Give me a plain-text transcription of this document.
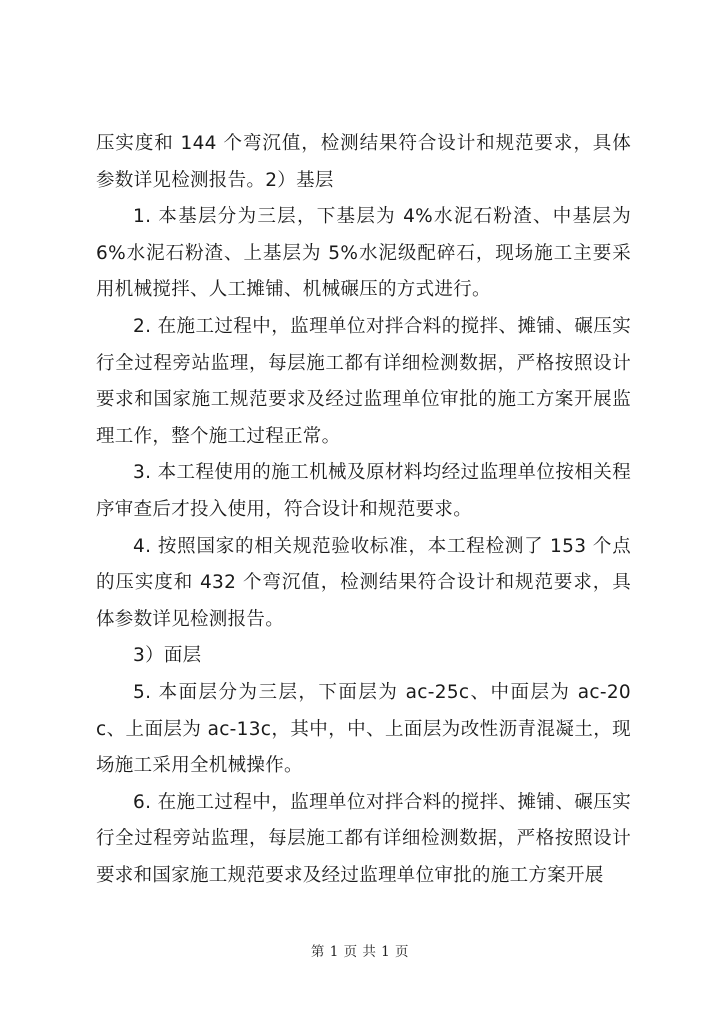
压实度和 144 个弯沉值，检测结果符合设计和规范要求，具体参数详见检测报告。2）基层

1. 本基层分为三层，下基层为 4%水泥石粉渣、中基层为 6%水泥石粉渣、上基层为 5%水泥级配碎石，现场施工主要采用机械搅拌、人工摊铺、机械碾压的方式进行。

2. 在施工过程中，监理单位对拌合料的搅拌、摊铺、碾压实行全过程旁站监理，每层施工都有详细检测数据，严格按照设计要求和国家施工规范要求及经过监理单位审批的施工方案开展监理工作，整个施工过程正常。

3. 本工程使用的施工机械及原材料均经过监理单位按相关程序审查后才投入使用，符合设计和规范要求。

4. 按照国家的相关规范验收标准，本工程检测了 153 个点的压实度和 432 个弯沉值，检测结果符合设计和规范要求，具体参数详见检测报告。

3）面层

5. 本面层分为三层，下面层为 ac-25c、中面层为 ac-20c、上面层为 ac-13c，其中，中、上面层为改性沥青混凝土，现场施工采用全机械操作。

6. 在施工过程中，监理单位对拌合料的搅拌、摊铺、碾压实行全过程旁站监理，每层施工都有详细检测数据，严格按照设计要求和国家施工规范要求及经过监理单位审批的施工方案开展

第 1 页 共 1 页
